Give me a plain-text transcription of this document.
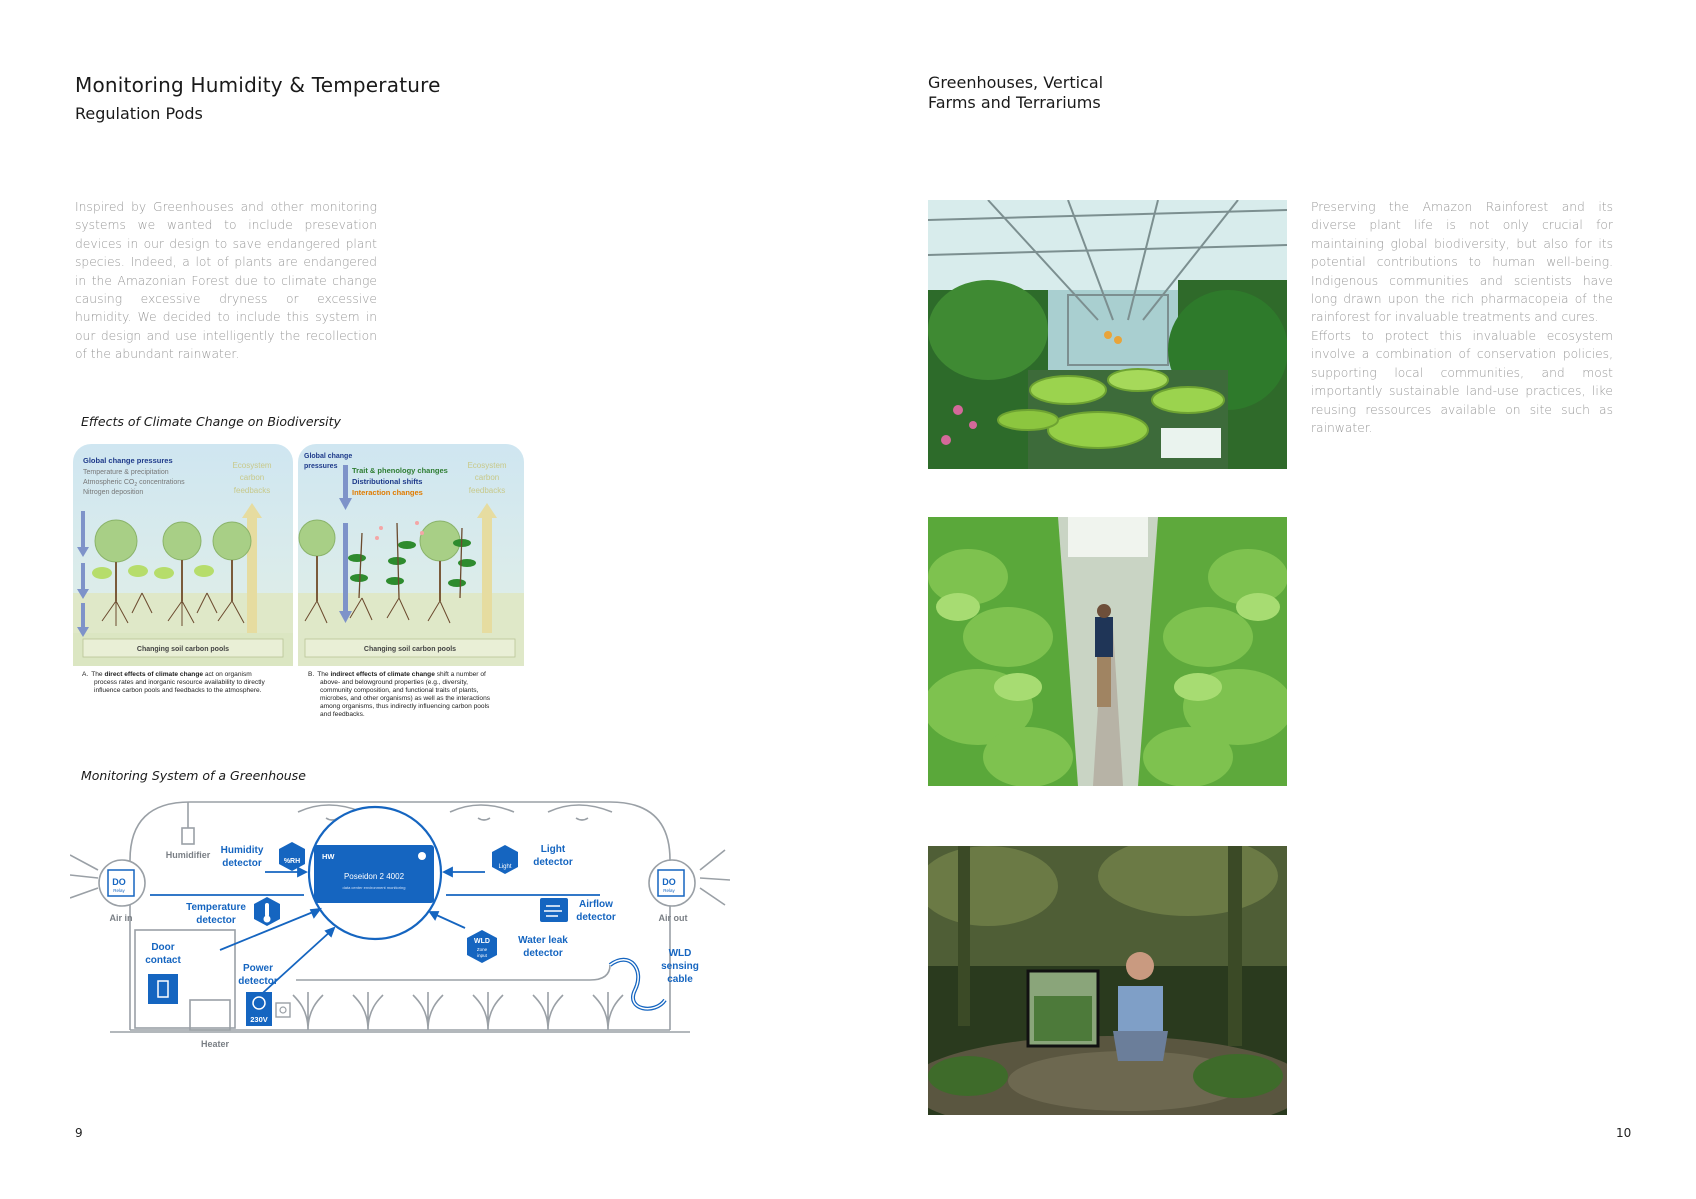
Monitoring Humidity & Temperature
Regulation Pods
Inspired by Greenhouses and other monitoring systems we wanted to include presevation devices in our design to save endangered plant species. Indeed, a lot of plants are endangered in the Amazonian Forest due to climate change causing excessive dryness or excessive humidity. We decided to include this system in our design and use intelligently the recollection of the abundant rainwater.
Effects of Climate Change on Biodiversity
Global change pressures
Temperature & precipitation
Atmospheric $CO_2$ concentrations
Nitrogen deposition
Ecosystem
carbon
feedbacks
Changing soil carbon pools
Global change
pressures Trait & phenology changes
Distributional shifts
Interaction changes
Ecosystem
carbon
feedbacks
Changing soil carbon pools
A. The direct effects of climate change act on organism
process rates and inorganic resource availability to directly
influence carbon pools and feedbacks to the atmosphere.
B. The indirect effects of climate change shift a number of
above- and belowground properties (e.g., diversity,
community composition, and functional traits of plants,
microbes, and other organisms) as well as the interactions
among organisms, thus indirectly influencing carbon pools
and feedbacks.
Monitoring System of a Greenhouse
Humidifier	HW
Poseidon 2 4002
data center environment monitoring
Humidity
detector	%RH
Temperature
detector
Light
Light
detector
Airflow
detector
WLD
Zone
input
Water leak
detector	WLD
sensing
cable
DO
Relay
Air in
DO
Relay
Air out
Door
contact
Power
detector
230V
Heater
9
Greenhouses, Vertical
Farms and Terrariums
Preserving the Amazon Rainforest and its diverse plant life is not only crucial for maintaining global biodiversity, but also for its potential contributions to human well-being. Indigenous communities and scientists have long drawn upon the rich pharmacopeia of the rainforest for invaluable treatments and cures.
Efforts to protect this invaluable ecosystem involve a combination of conservation policies, supporting local communities, and most importantly sustainable land-use practices, like reusing ressources available on site such as rainwater.
10
